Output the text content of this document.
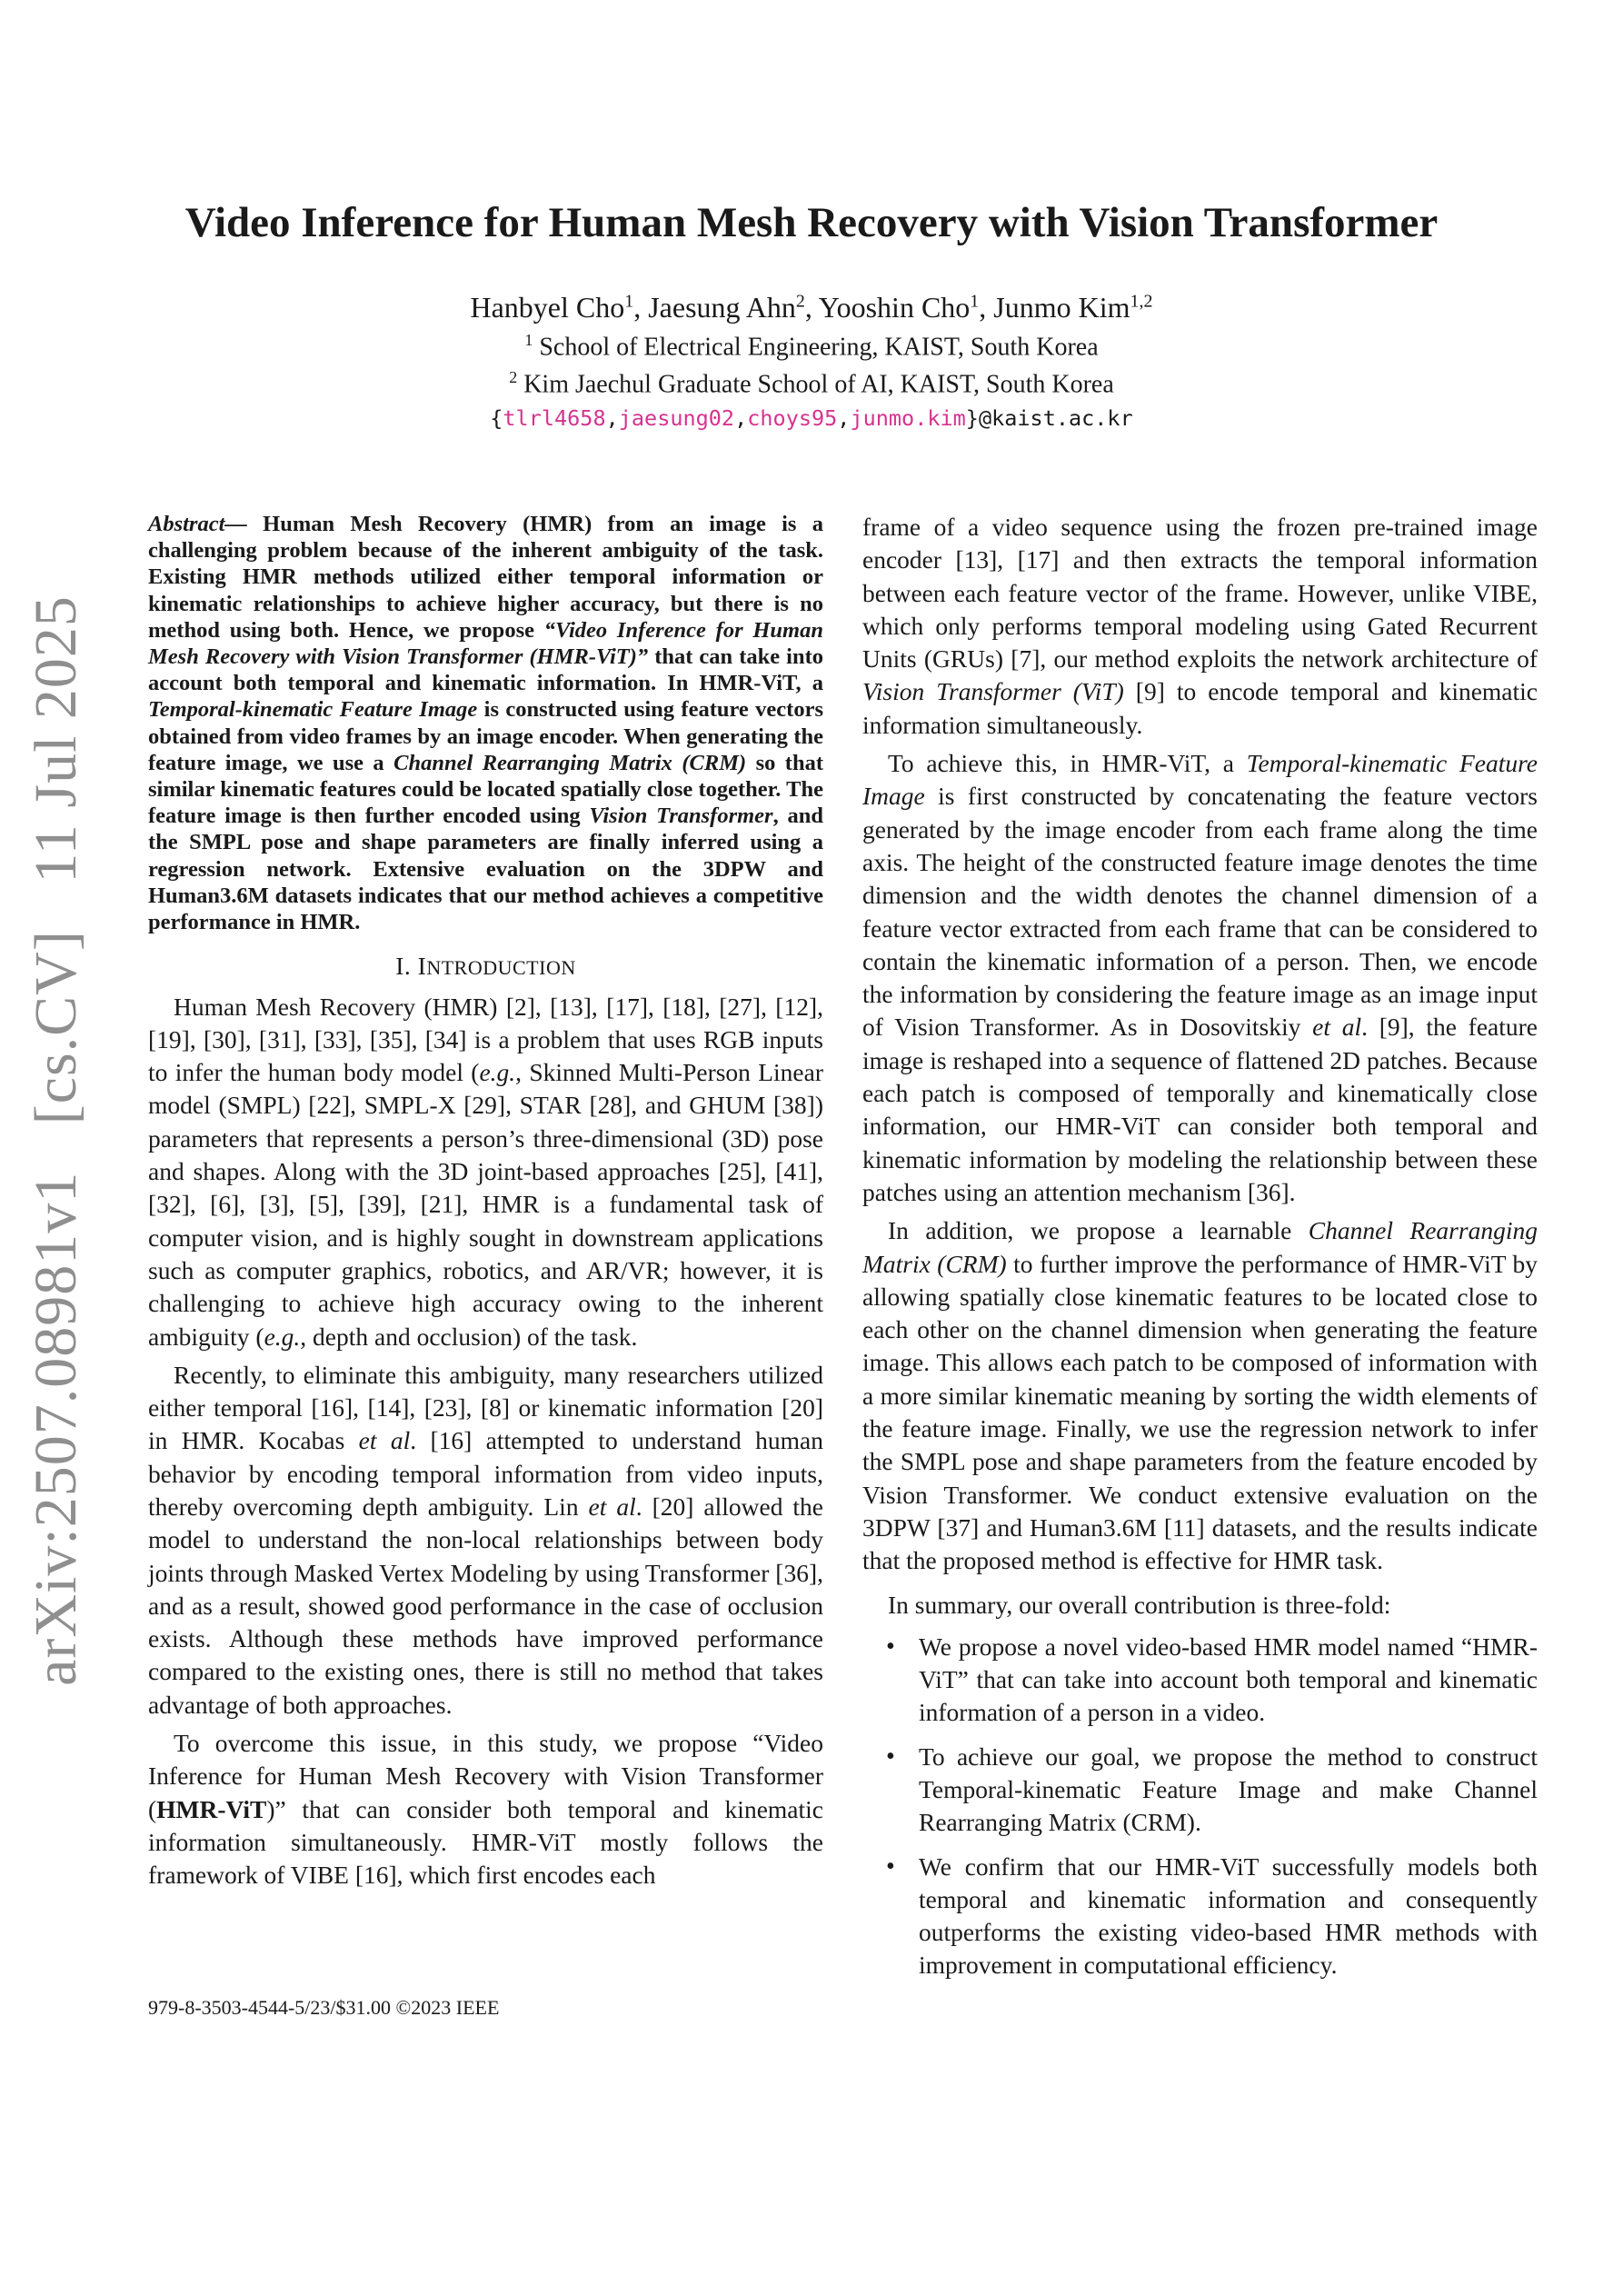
arXiv:2507.08981v1 [cs.CV] 11 Jul 2025
Video Inference for Human Mesh Recovery with Vision Transformer
Hanbyel Cho$^1$, Jaesung Ahn$^2$, Yooshin Cho$^1$, Junmo Kim$^{1,2}$
$^1$ School of Electrical Engineering, KAIST, South Korea
$^2$ Kim Jaechul Graduate School of AI, KAIST, South Korea
{tlrl4658,jaesung02,choys95,junmo.kim}@kaist.ac.kr

Abstract— Human Mesh Recovery (HMR) from an image is a challenging problem because of the inherent ambiguity of the task. Existing HMR methods utilized either temporal information or kinematic relationships to achieve higher accuracy, but there is no method using both. Hence, we propose “Video Inference for Human Mesh Recovery with Vision Transformer (HMR-ViT)” that can take into account both temporal and kinematic information. In HMR-ViT, a Temporal-kinematic Feature Image is constructed using feature vectors obtained from video frames by an image encoder. When generating the feature image, we use a Channel Rearranging Matrix (CRM) so that similar kinematic features could be located spatially close together. The feature image is then further encoded using Vision Transformer, and the SMPL pose and shape parameters are finally inferred using a regression network. Extensive evaluation on the 3DPW and Human3.6M datasets indicates that our method achieves a competitive performance in HMR.

I. INTRODUCTION

Human Mesh Recovery (HMR) [2], [13], [17], [18], [27], [12], [19], [30], [31], [33], [35], [34] is a problem that uses RGB inputs to infer the human body model (e.g., Skinned Multi-Person Linear model (SMPL) [22], SMPL-X [29], STAR [28], and GHUM [38]) parameters that represents a person’s three-dimensional (3D) pose and shapes. Along with the 3D joint-based approaches [25], [41], [32], [6], [3], [5], [39], [21], HMR is a fundamental task of computer vision, and is highly sought in downstream applications such as computer graphics, robotics, and AR/VR; however, it is challenging to achieve high accuracy owing to the inherent ambiguity (e.g., depth and occlusion) of the task.

Recently, to eliminate this ambiguity, many researchers utilized either temporal [16], [14], [23], [8] or kinematic information [20] in HMR. Kocabas et al. [16] attempted to understand human behavior by encoding temporal information from video inputs, thereby overcoming depth ambiguity. Lin et al. [20] allowed the model to understand the non-local relationships between body joints through Masked Vertex Modeling by using Transformer [36], and as a result, showed good performance in the case of occlusion exists. Although these methods have improved performance compared to the existing ones, there is still no method that takes advantage of both approaches.

To overcome this issue, in this study, we propose “Video Inference for Human Mesh Recovery with Vision Transformer (HMR-ViT)” that can consider both temporal and kinematic information simultaneously. HMR-ViT mostly follows the framework of VIBE [16], which first encodes each

frame of a video sequence using the frozen pre-trained image encoder [13], [17] and then extracts the temporal information between each feature vector of the frame. However, unlike VIBE, which only performs temporal modeling using Gated Recurrent Units (GRUs) [7], our method exploits the network architecture of Vision Transformer (ViT) [9] to encode temporal and kinematic information simultaneously.

To achieve this, in HMR-ViT, a Temporal-kinematic Feature Image is first constructed by concatenating the feature vectors generated by the image encoder from each frame along the time axis. The height of the constructed feature image denotes the time dimension and the width denotes the channel dimension of a feature vector extracted from each frame that can be considered to contain the kinematic information of a person. Then, we encode the information by considering the feature image as an image input of Vision Transformer. As in Dosovitskiy et al. [9], the feature image is reshaped into a sequence of flattened 2D patches. Because each patch is composed of temporally and kinematically close information, our HMR-ViT can consider both temporal and kinematic information by modeling the relationship between these patches using an attention mechanism [36].

In addition, we propose a learnable Channel Rearranging Matrix (CRM) to further improve the performance of HMR-ViT by allowing spatially close kinematic features to be located close to each other on the channel dimension when generating the feature image. This allows each patch to be composed of information with a more similar kinematic meaning by sorting the width elements of the feature image. Finally, we use the regression network to infer the SMPL pose and shape parameters from the feature encoded by Vision Transformer. We conduct extensive evaluation on the 3DPW [37] and Human3.6M [11] datasets, and the results indicate that the proposed method is effective for HMR task.

In summary, our overall contribution is three-fold:

• We propose a novel video-based HMR model named “HMR-ViT” that can take into account both temporal and kinematic information of a person in a video.
• To achieve our goal, we propose the method to construct Temporal-kinematic Feature Image and make Channel Rearranging Matrix (CRM).
• We confirm that our HMR-ViT successfully models both temporal and kinematic information and consequently outperforms the existing video-based HMR methods with improvement in computational efficiency.
979-8-3503-4544-5/23/$31.00 ©2023 IEEE
